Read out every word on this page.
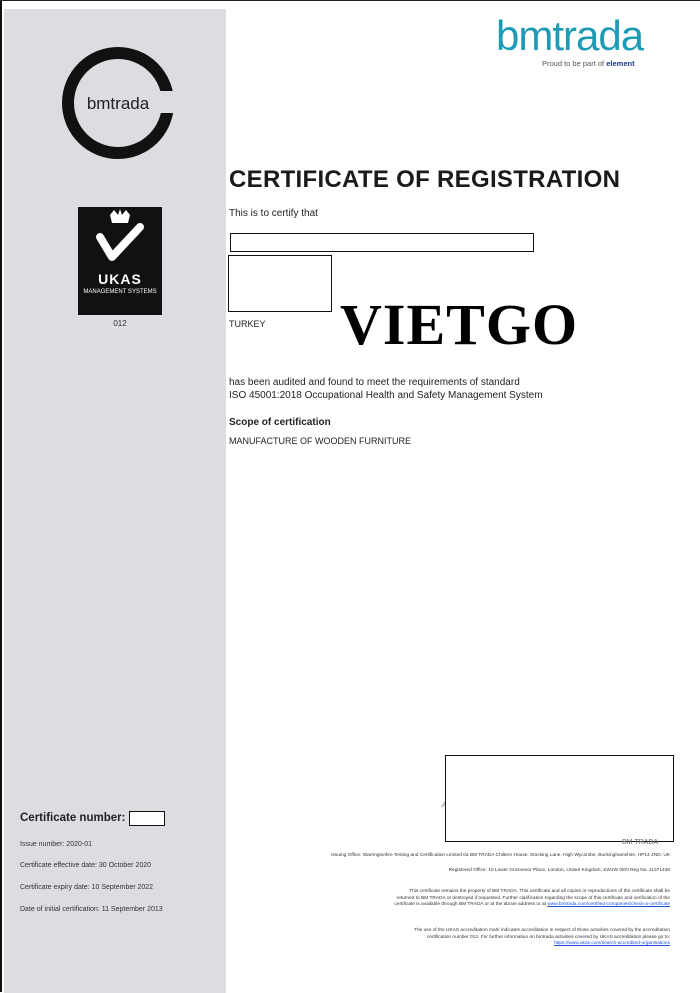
bmtrada
UKAS
MANAGEMENT SYSTEMS
012
Certificate number:
Issue number: 2020-01
Certificate effective date: 30 October 2020
Certificate expiry date: 10 September 2022
Date of initial certification: 11 September 2013
bmtrada
Proud to be part of element
CERTIFICATE OF REGISTRATION
This is to certify that
TURKEY VIETGO
has been audited and found to meet the requirements of standard
ISO 45001:2018 Occupational Health and Safety Management System
Scope of certification
MANUFACTURE OF WOODEN FURNITURE
BM TRADA
Issuing Office: Warringtonfire Testing and Certification Limited t/a BM TRADA Chiltern House, Stocking Lane, High Wycombe, Buckinghamshire, HP14 4ND, UK
Registered Office: 10 Lower Grosvenor Place, London, United Kingdom, SW1W 0EN Reg No. 11371436
This certificate remains the property of BM TRADA. This certificate and all copies or reproductions of the certificate shall be
returned to BM TRADA or destroyed if requested. Further clarification regarding the scope of this certificate and verification of the
certificate is available through BM TRADA or at the above address or at www.bmtrada.com/certified-companies/check-a-certificate
The use of the UKAS accreditation mark indicates accreditation in respect of those activities covered by the accreditation
certification number 012. For further information on bmtrada activities covered by UKAS accreditation please go to:
https://www.ukas.com/search-accredited-organisations
